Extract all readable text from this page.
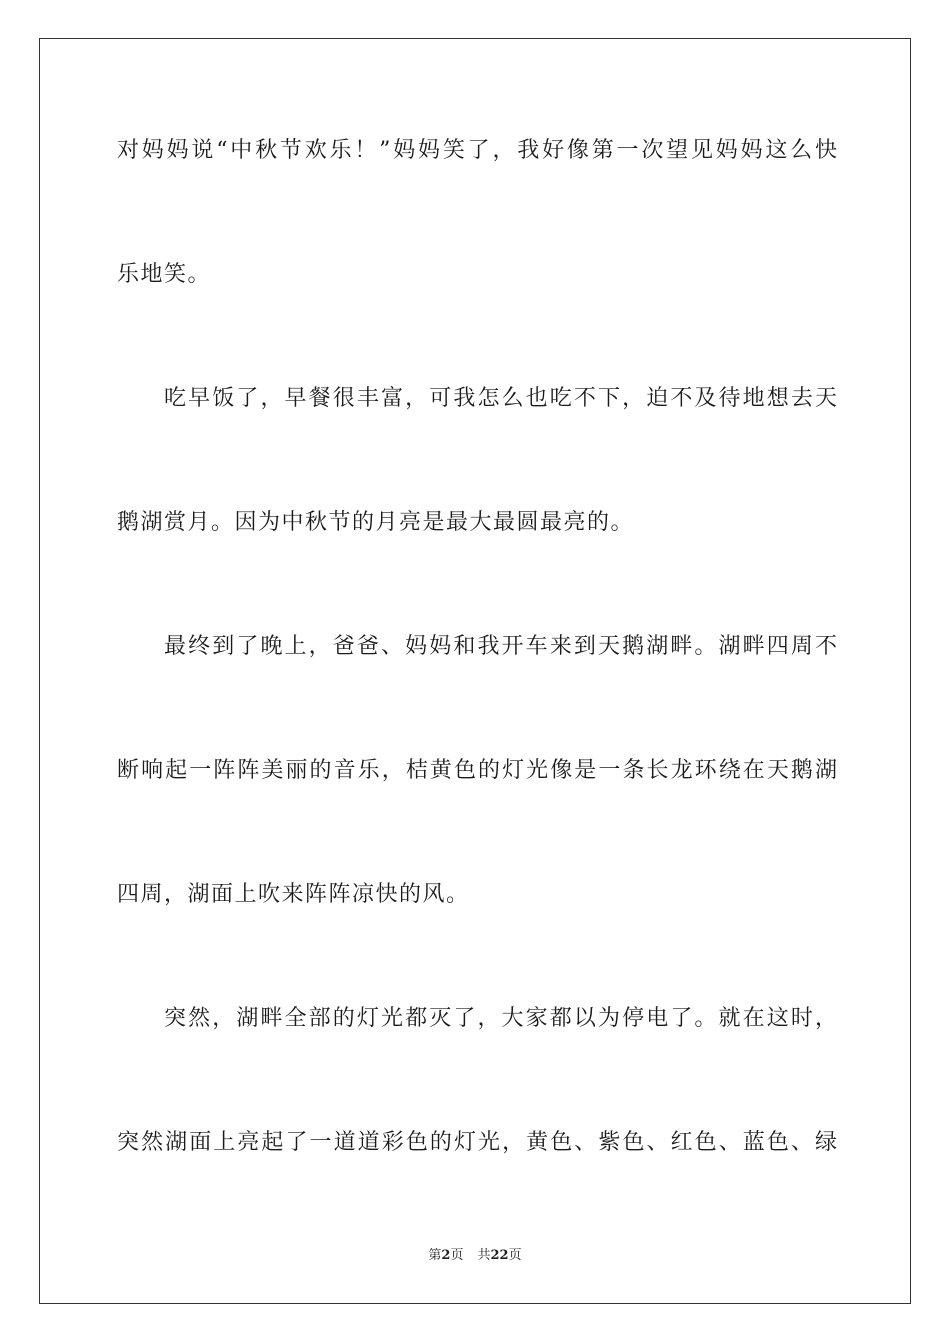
对妈妈说“中秋节欢乐！”妈妈笑了，我好像第一次望见妈妈这么快
乐地笑。
吃早饭了，早餐很丰富，可我怎么也吃不下，迫不及待地想去天
鹅湖赏月。因为中秋节的月亮是最大最圆最亮的。
最终到了晚上，爸爸、妈妈和我开车来到天鹅湖畔。湖畔四周不
断响起一阵阵美丽的音乐，桔黄色的灯光像是一条长龙环绕在天鹅湖
四周，湖面上吹来阵阵凉快的风。
突然，湖畔全部的灯光都灭了，大家都以为停电了。就在这时，
突然湖面上亮起了一道道彩色的灯光，黄色、紫色、红色、蓝色、绿
第2页 共22页
